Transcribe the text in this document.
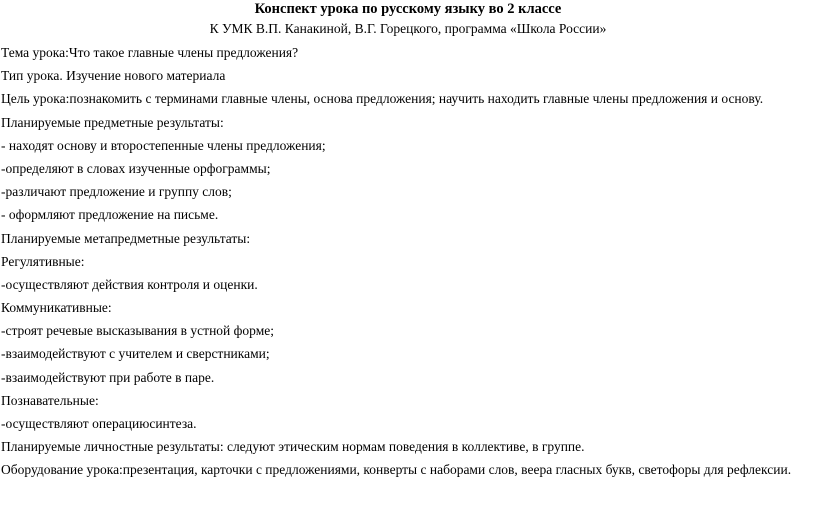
Конспект урока по русскому языку во 2 классе
К УМК В.П. Канакиной, В.Г. Горецкого, программа «Школа России»
Тема урока:Что такое главные члены предложения?
Тип урока. Изучение нового материала
Цель урока:познакомить с терминами главные члены, основа предложения; научить находить главные члены предложения и основу.
Планируемые предметные результаты:
- находят основу и второстепенные члены предложения;
-определяют в словах изученные орфограммы;
-различают предложение и группу слов;
- оформляют предложение на письме.
Планируемые метапредметные результаты:
Регулятивные:
-осуществляют действия контроля и оценки.
Коммуникативные:
-строят речевые высказывания в устной форме;
-взаимодействуют с учителем и сверстниками;
-взаимодействуют при работе в паре.
Познавательные:
-осуществляют операциюсинтеза.
Планируемые личностные результаты: следуют этическим нормам поведения в коллективе, в группе.
Оборудование урока:презентация, карточки с предложениями, конверты с наборами слов, веера гласных букв, светофоры для рефлексии.
